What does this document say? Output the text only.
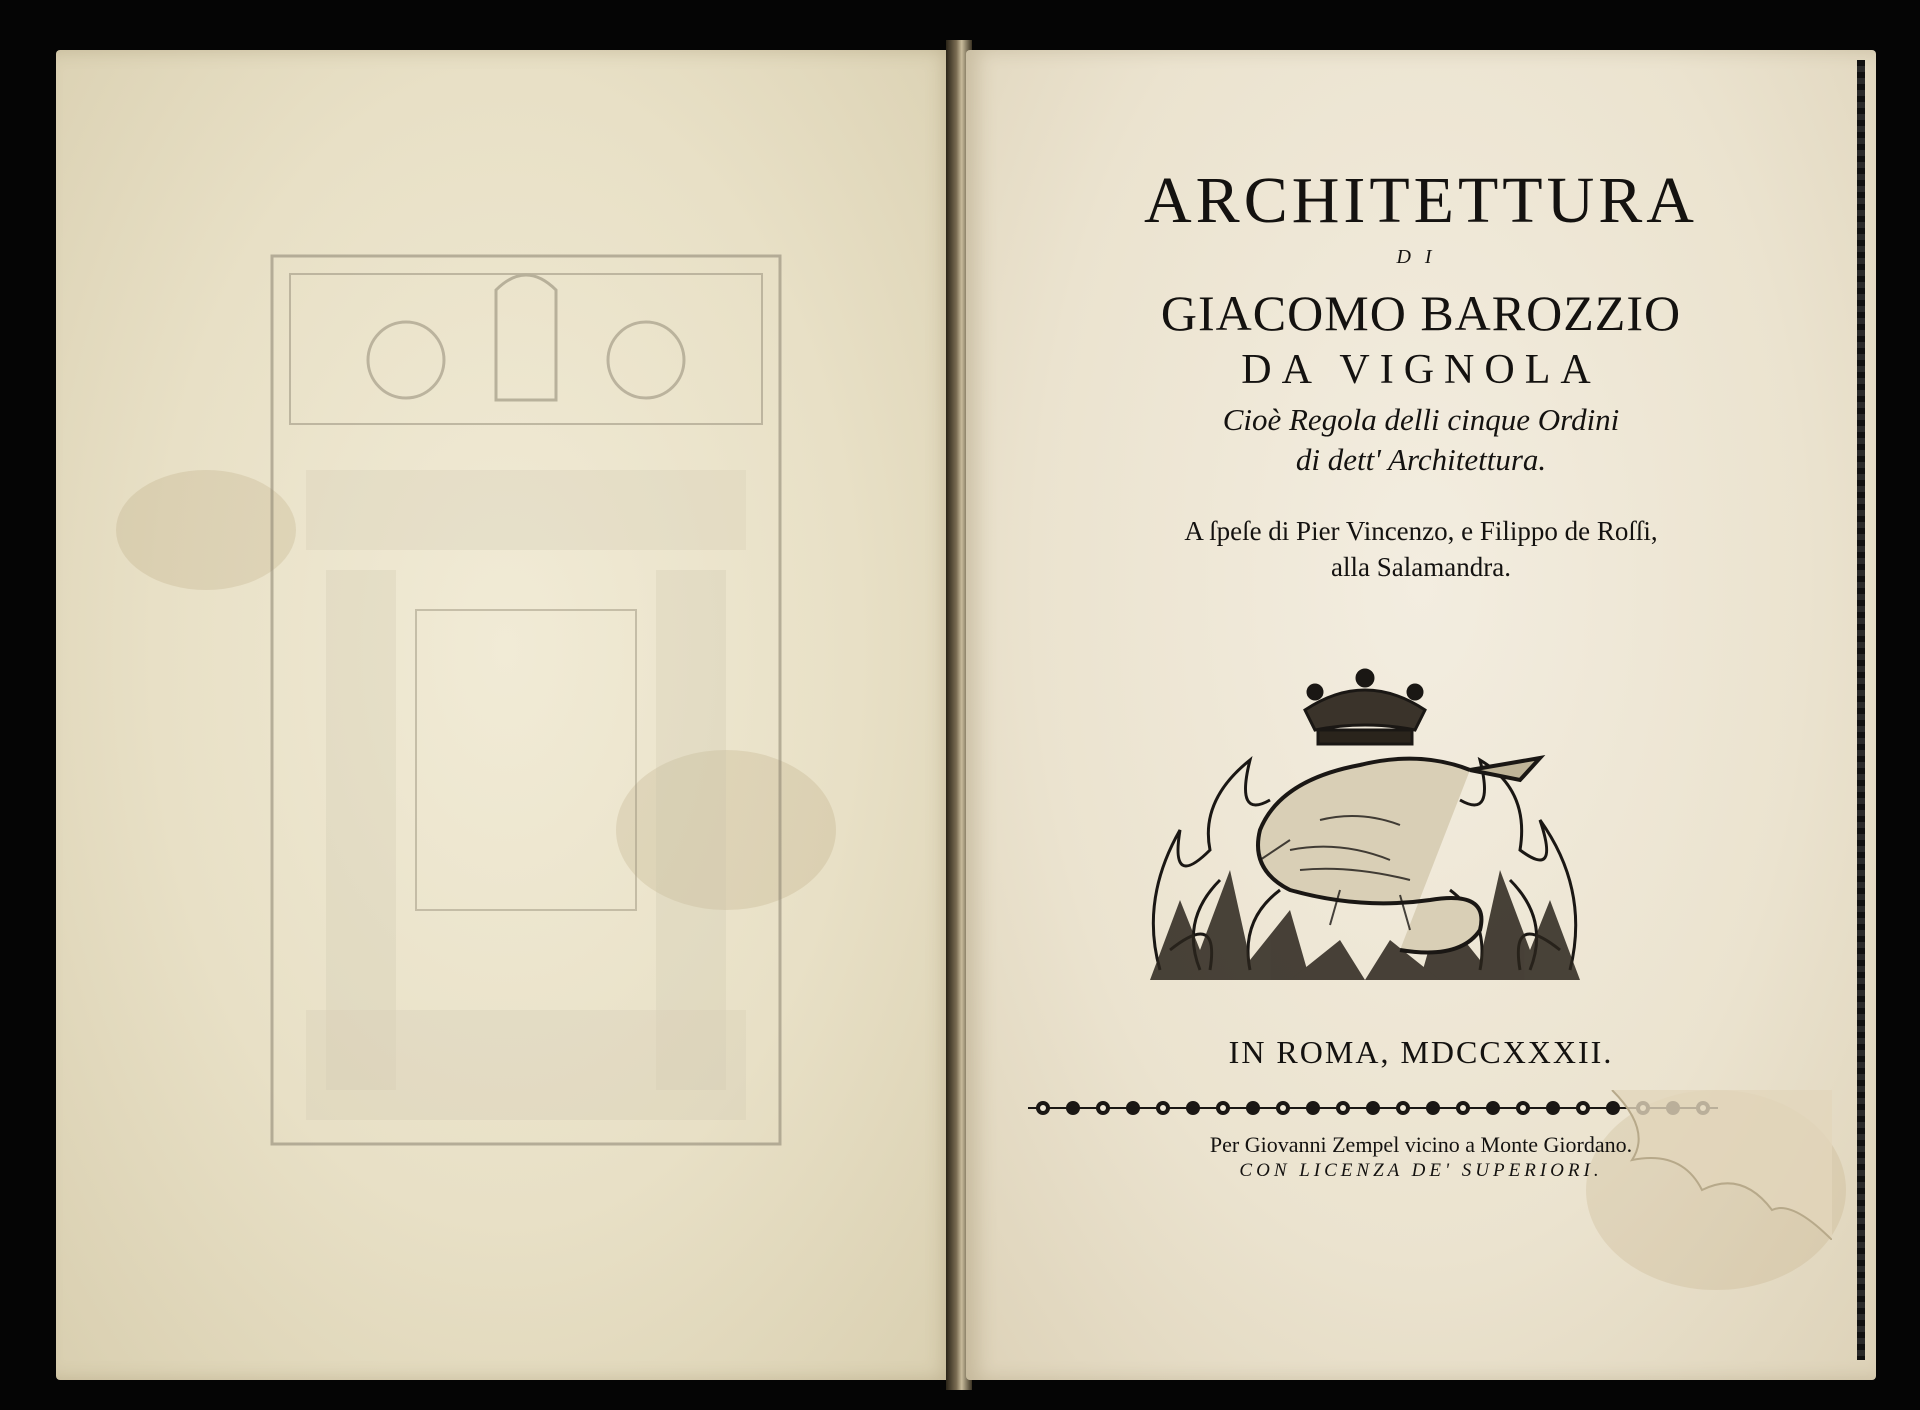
ARCHITETTURA
DI
GIACOMO BAROZZIO
DA VIGNOLA
Cioè Regola delli cinque Ordini
di dett' Architettura.
A ſpeſe di Pier Vincenzo, e Filippo de Roſſi,
alla Salamandra.
IN ROMA, MDCCXXXII.
Per Giovanni Zempel vicino a Monte Giordano.
CON LICENZA DE' SUPERIORI.
